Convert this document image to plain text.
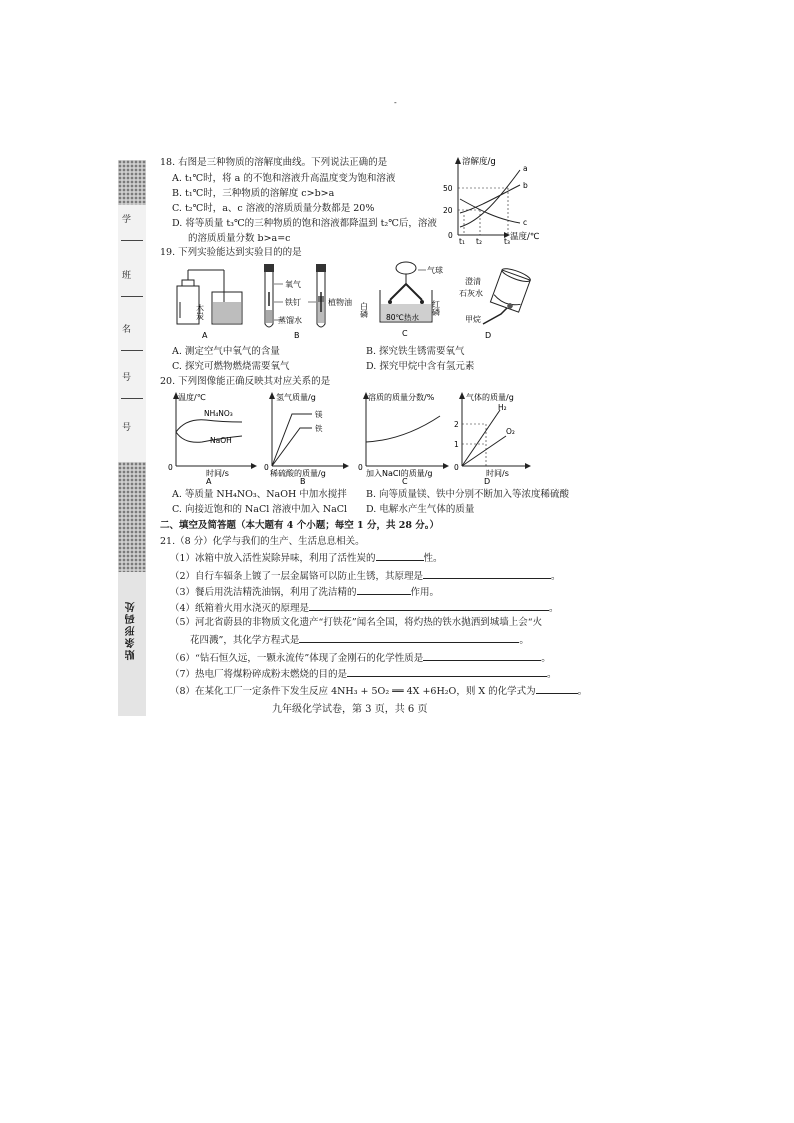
-
学
班
名
号
号
贴条形码处
18. 右图是三种物质的溶解度曲线。下列说法正确的是
A. t₁℃时，将 a 的不饱和溶液升高温度变为饱和溶液
B. t₁℃时，三种物质的溶解度 c>b>a
C. t₂℃时，a、c 溶液的溶质质量分数都是 20%
D. 将等质量 t₃℃的三种物质的饱和溶液都降温到 t₂℃后，溶液
的溶质质量分数 b>a=c
溶解度/g
温度/℃
0
50
20
a
b
c
t₁ t₂	t₃
19. 下列实验能达到实验目的的是
木炭
A
氧气
铁钉	植物油
蒸馏水
B
气球
白磷	红磷
80℃热水
C
澄清
石灰水
甲烷
D
A. 测定空气中氧气的含量	B. 探究铁生锈需要氧气
C. 探究可燃物燃烧需要氧气	D. 探究甲烷中含有氢元素
20. 下列图像能正确反映其对应关系的是
温度/℃
NH₄NO₃
NaOH
0
时间/s
A
氢气质量/g
镁
铁
0
稀硫酸的质量/g
B
溶质的质量分数/%
0
加入NaCl的质量/g
C
气体的质量/g
H₂
O₂
2
1
0
时间/s
D
A. 等质量 NH₄NO₃、NaOH 中加水搅拌 B. 向等质量镁、铁中分别不断加入等浓度稀硫酸
C. 向接近饱和的 NaCl 溶液中加入 NaCl D. 电解水产生气体的质量
二、填空及简答题（本大题有 4 个小题；每空 1 分，共 28 分。）
21.（8 分）化学与我们的生产、生活息息相关。
（1）冰箱中放入活性炭除异味，利用了活性炭的	性。
（2）自行车辐条上镀了一层金属铬可以防止生锈，其原理是	。
（3）餐后用洗洁精洗油锅，利用了洗洁精的	作用。
（4）纸箱着火用水浇灭的原理是	。
（5）河北省蔚县的非物质文化遗产“打铁花”闻名全国，将灼热的铁水抛洒到城墙上会“火
花四溅”，其化学方程式是	。
（6）“钻石恒久远，一颗永流传”体现了金刚石的化学性质是	。
（7）热电厂将煤粉碎成粉末燃烧的目的是	。
（8）在某化工厂一定条件下发生反应 4NH₃ + 5O₂ ══ 4X +6H₂O，则 X 的化学式为	。
九年级化学试卷，第 3 页，共 6 页
